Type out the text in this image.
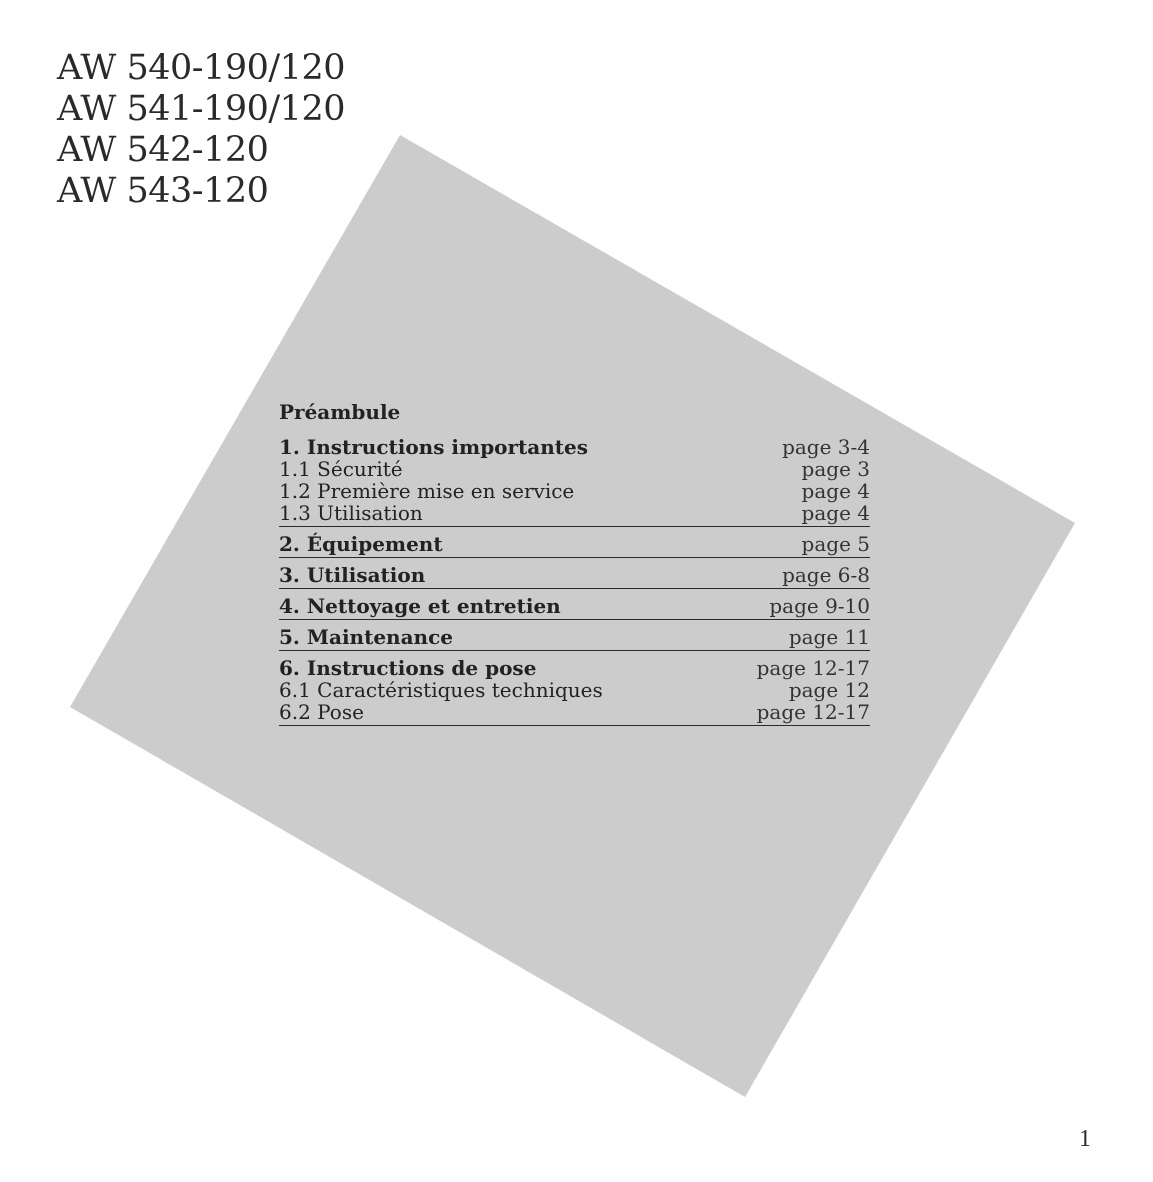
AW 540-190/120
AW 541-190/120
AW 542-120
AW 543-120
Préambule
1. Instructions importantes	page 3-4
1.1 Sécurité	page 3
1.2 Première mise en service	page 4
1.3 Utilisation	page 4
2. Équipement	page 5
3. Utilisation	page 6-8
4. Nettoyage et entretien	page 9-10
5. Maintenance	page 11
6. Instructions de pose	page 12-17
6.1 Caractéristiques techniques	page 12
6.2 Pose	page 12-17
1
